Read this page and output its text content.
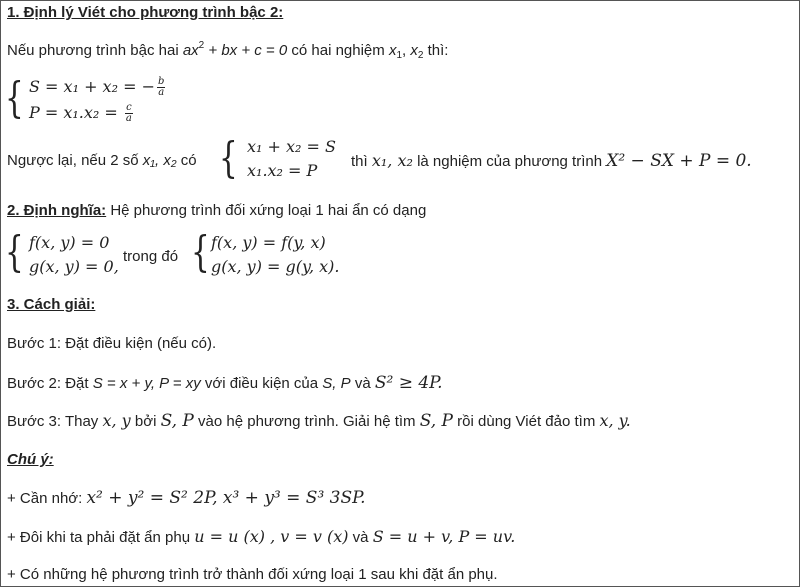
1. Định lý Viét cho phương trình bậc 2:
Nếu phương trình bậc hai $ax^2$ + bx + c = 0 có hai nghiệm $x_1$, $x_2$ thì:
{ S = x₁ + x₂ = − $\frac{b}{a}$
$P = x_1.x_2 = \frac{c}{a}$
Ngược lại, nếu 2 số x₁, x₂ có { x₁ + x₂ = S
x₁.x₂ = P thì x₁, x₂ là nghiệm của phương trình X² − SX + P = 0.
2. Định nghĩa: Hệ phương trình đối xứng loại 1 hai ẩn có dạng
{ f(x, y) = 0
g(x, y) = 0,
trong đó { f(x, y) = f(y, x)
g(x, y) = g(y, x).
3. Cách giải:
Bước 1: Đặt điều kiện (nếu có).
Bước 2: Đặt S = x + y, P = xy với điều kiện của S, P và S² ≥ 4P.
Bước 3: Thay x, y bởi S, P vào hệ phương trình. Giải hệ tìm S, P rồi dùng Viét đảo tìm x, y.
Chú ý:
+ Cần nhớ: x² + y² = S² 2P, x³ + y³ = S³ 3SP.
+ Đôi khi ta phải đặt ẩn phụ u = u (x) , v = v (x) và S = u + v, P = uv.
+ Có những hệ phương trình trở thành đối xứng loại 1 sau khi đặt ẩn phụ.
